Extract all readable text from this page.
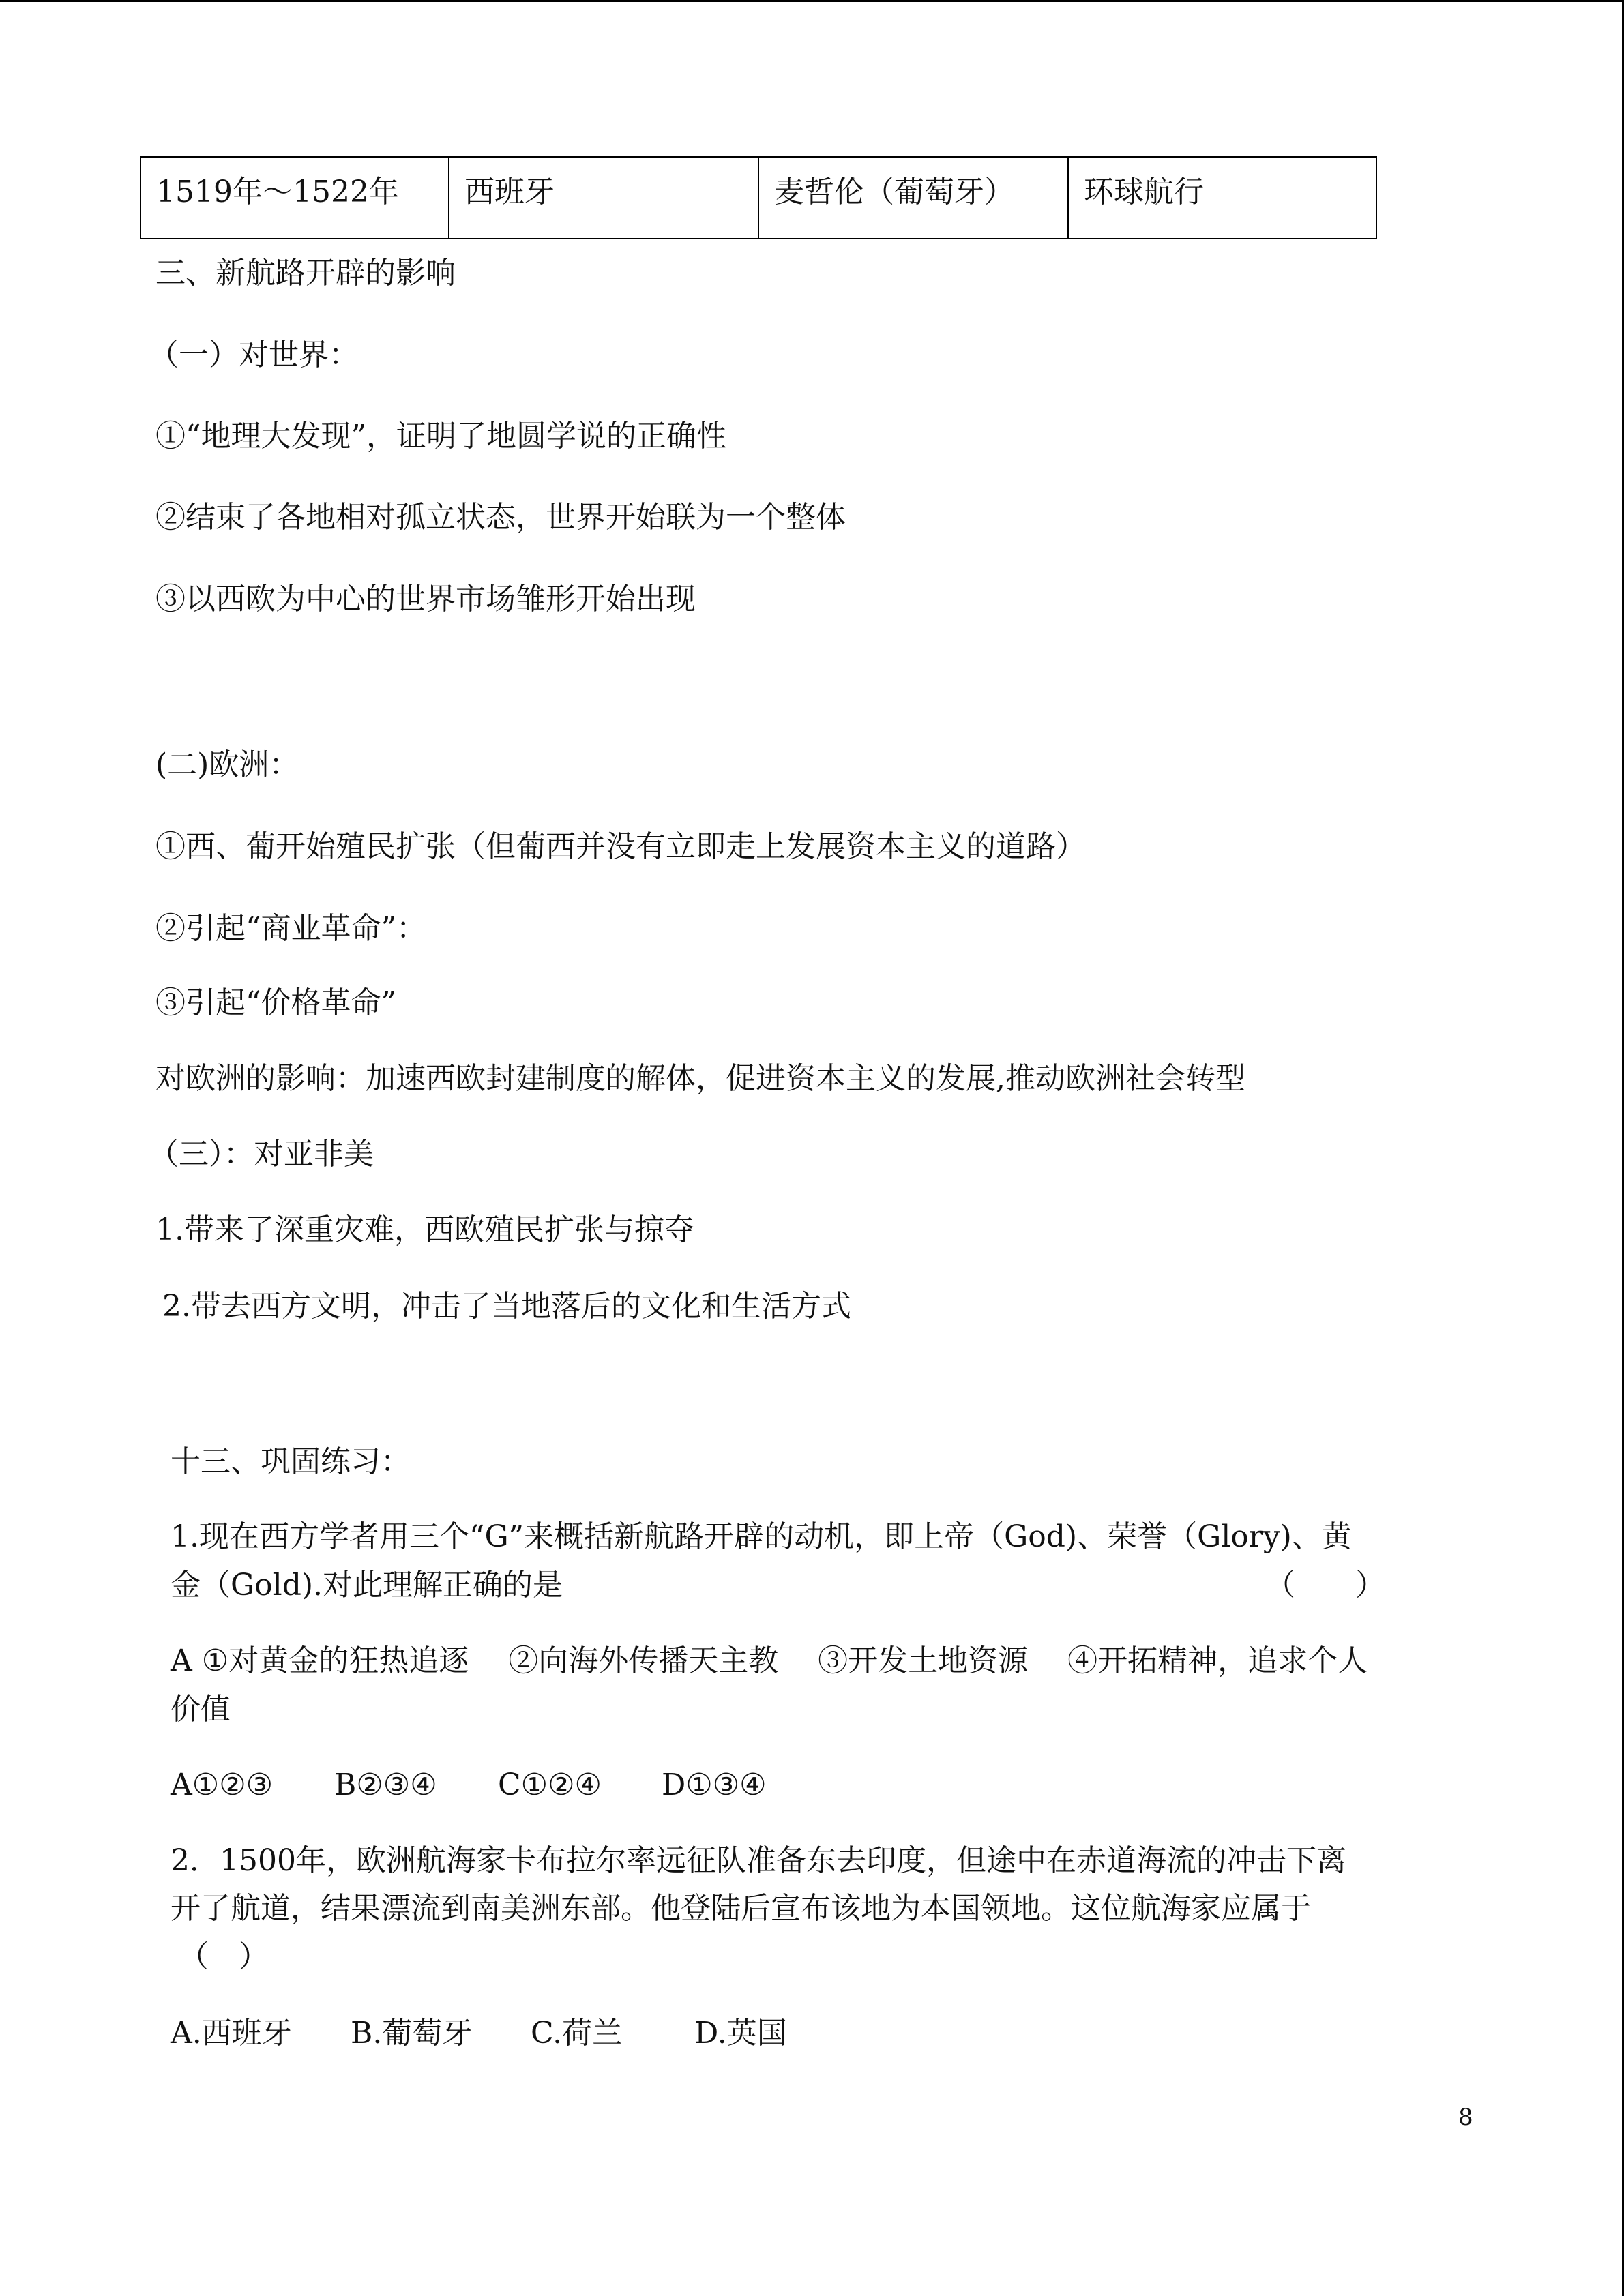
1519年～1522年	西班牙	麦哲伦（葡萄牙）	环球航行
三、新航路开辟的影响
（一）对世界：
①“地理大发现”，证明了地圆学说的正确性
②结束了各地相对孤立状态，世界开始联为一个整体
③以西欧为中心的世界市场雏形开始出现
(二)欧洲：
①西、葡开始殖民扩张（但葡西并没有立即走上发展资本主义的道路）
②引起“商业革命”：
③引起“价格革命”
对欧洲的影响：加速西欧封建制度的解体，促进资本主义的发展,推动欧洲社会转型
（三）：对亚非美
1.带来了深重灾难，西欧殖民扩张与掠夺
2.带去西方文明，冲击了当地落后的文化和生活方式
十三、巩固练习：
1.现在西方学者用三个“G”来概括新航路开辟的动机，即上帝（God)、荣誉（Glory)、黄
金（Gold).对此理解正确的是	（　　）
A ①对黄金的狂热追逐　 ②向海外传播天主教　 ③开发土地资源　 ④开拓精神，追求个人
价值
A①②③ B②③④ C①②④ D①③④
2．1500年，欧洲航海家卡布拉尔率远征队准备东去印度，但途中在赤道海流的冲击下离
开了航道，结果漂流到南美洲东部。他登陆后宣布该地为本国领地。这位航海家应属于
（　）
A.西班牙 B.葡萄牙 C.荷兰 D.英国
8
